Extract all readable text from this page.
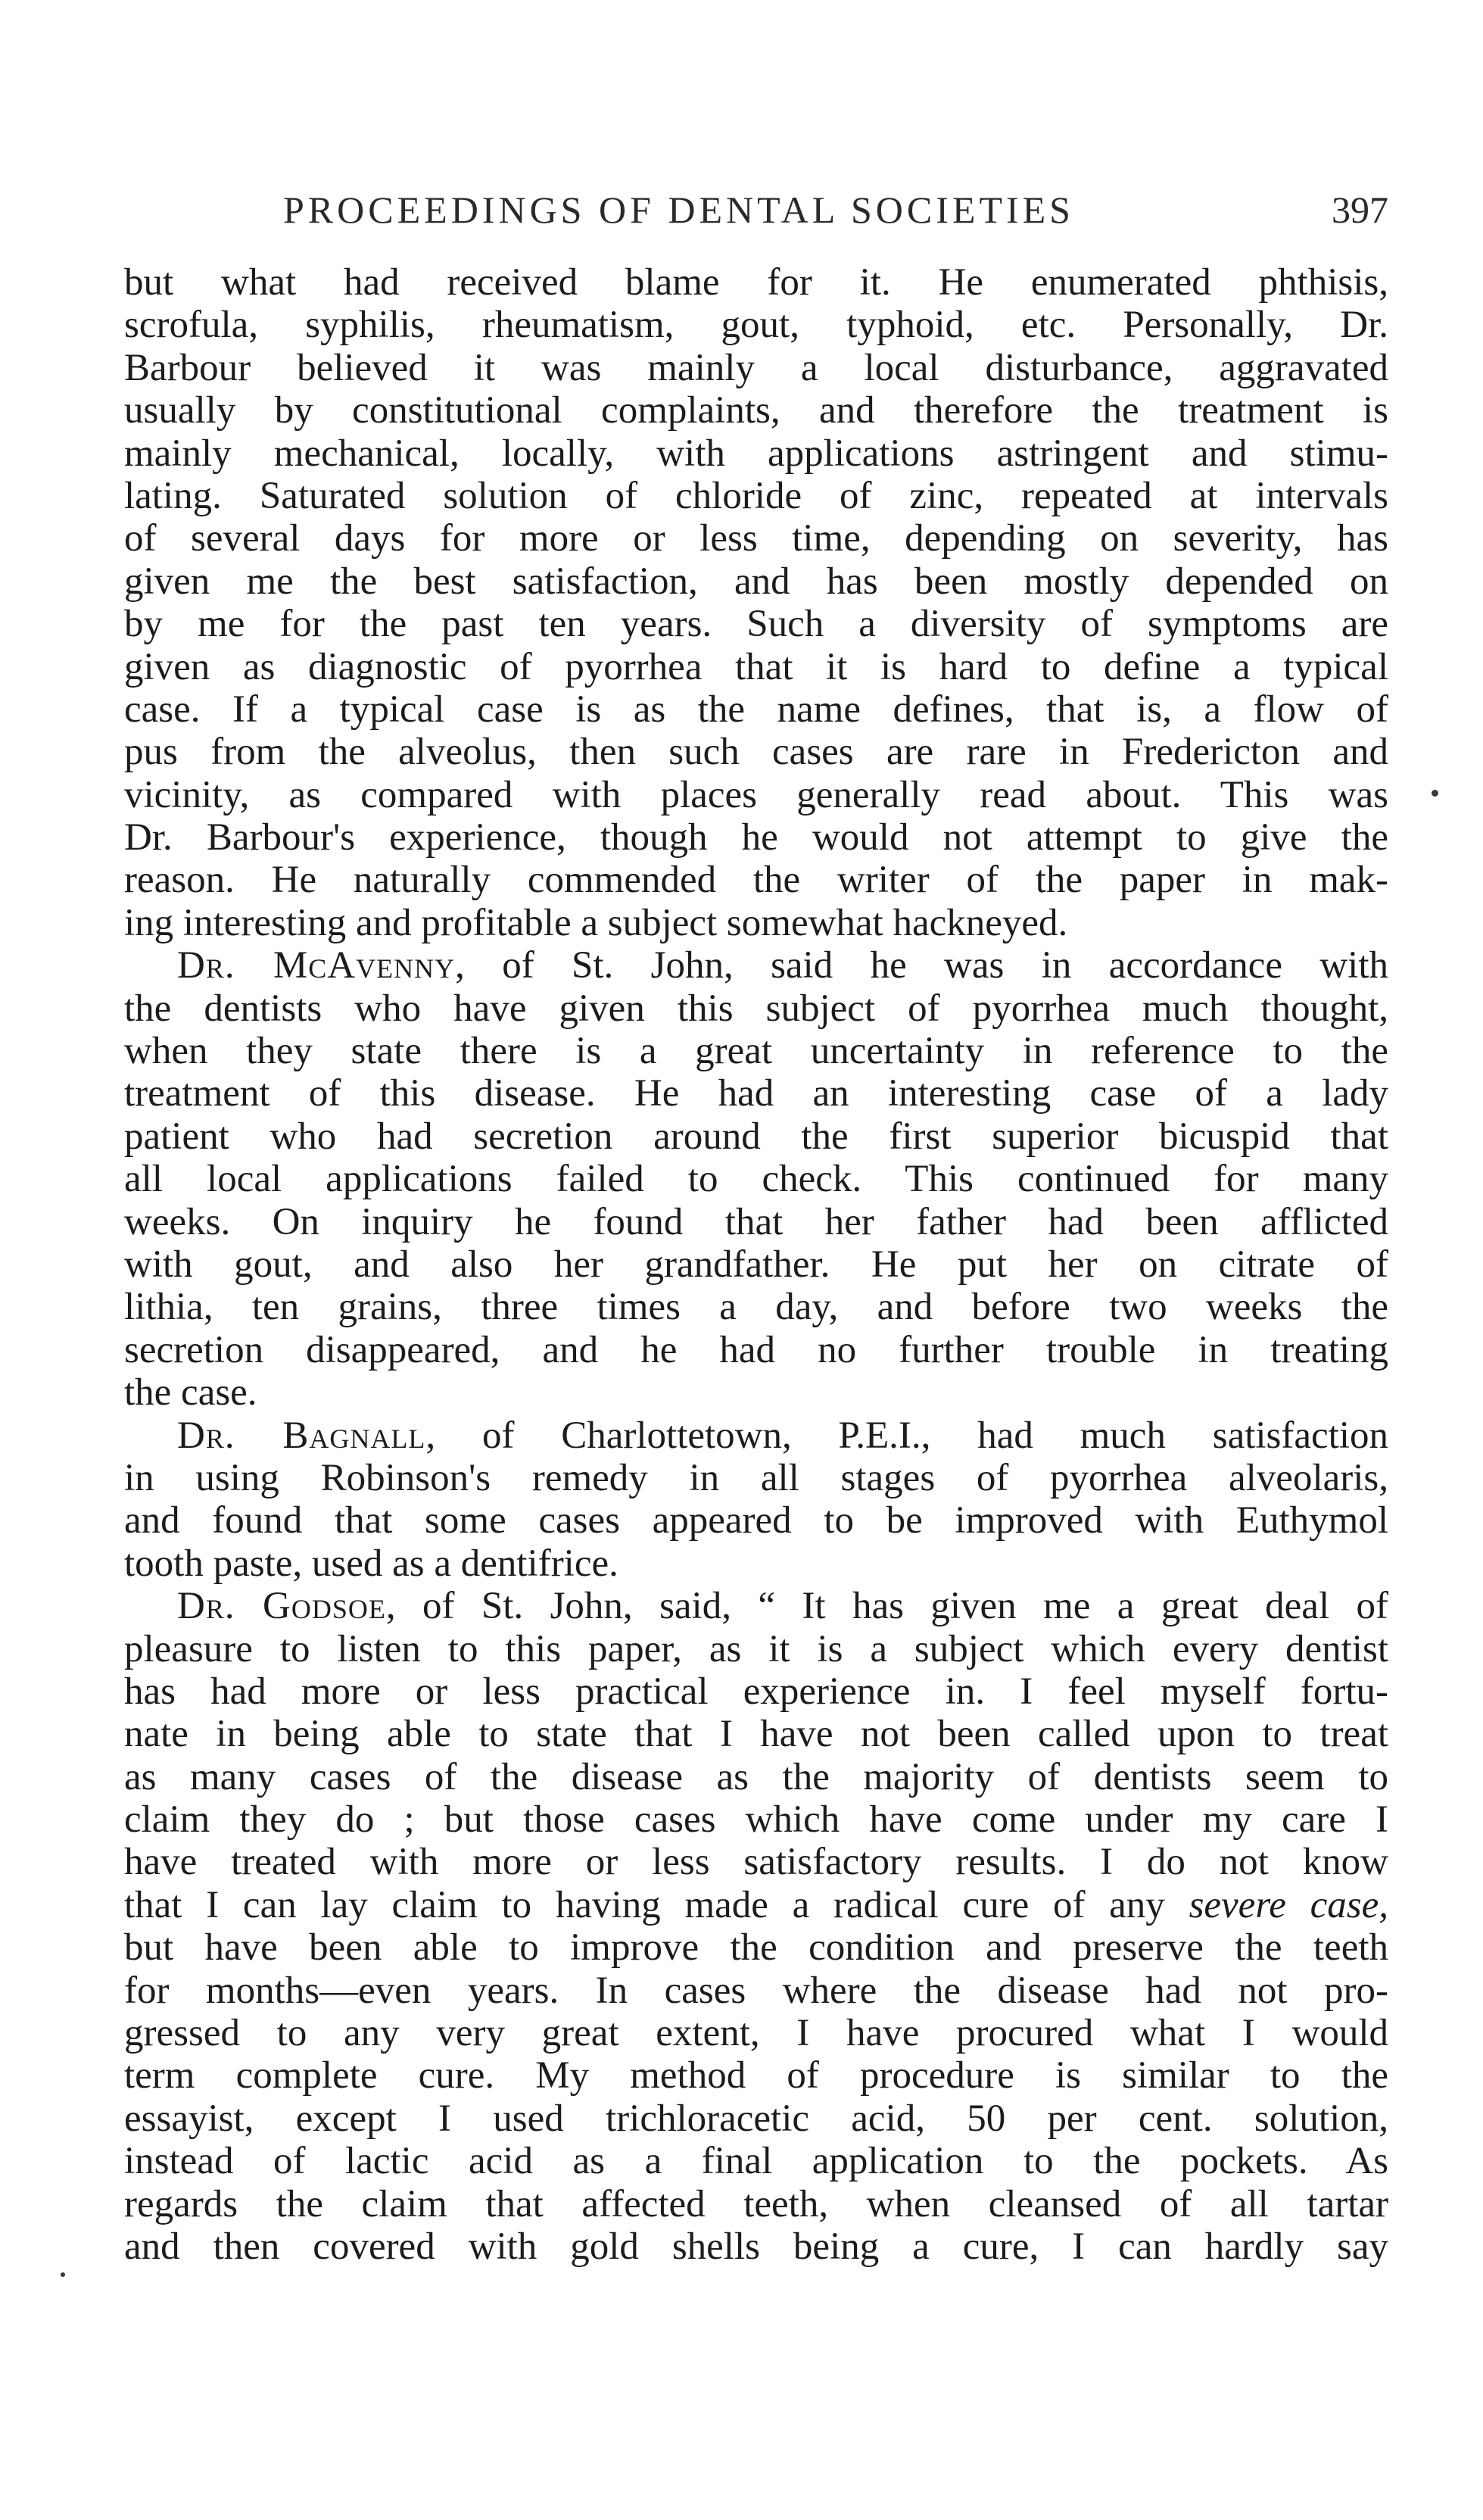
PROCEEDINGS OF DENTAL SOCIETIES	397
but what had received blame for it. He enumerated phthisis,
scrofula, syphilis, rheumatism, gout, typhoid, etc. Personally, Dr.
Barbour believed it was mainly a local disturbance, aggravated
usually by constitutional complaints, and therefore the treatment is
mainly mechanical, locally, with applications astringent and stimu-
lating. Saturated solution of chloride of zinc, repeated at intervals
of several days for more or less time, depending on severity, has
given me the best satisfaction, and has been mostly depended on
by me for the past ten years. Such a diversity of symptoms are
given as diagnostic of pyorrhea that it is hard to define a typical
case. If a typical case is as the name defines, that is, a flow of
pus from the alveolus, then such cases are rare in Fredericton and
vicinity, as compared with places generally read about. This was
Dr. Barbour's experience, though he would not attempt to give the
reason. He naturally commended the writer of the paper in mak-
ing interesting and profitable a subject somewhat hackneyed.
Dr. McAvenny, of St. John, said he was in accordance with
the dentists who have given this subject of pyorrhea much thought,
when they state there is a great uncertainty in reference to the
treatment of this disease. He had an interesting case of a lady
patient who had secretion around the first superior bicuspid that
all local applications failed to check. This continued for many
weeks. On inquiry he found that her father had been afflicted
with gout, and also her grandfather. He put her on citrate of
lithia, ten grains, three times a day, and before two weeks the
secretion disappeared, and he had no further trouble in treating
the case.
Dr. Bagnall, of Charlottetown, P.E.I., had much satisfaction
in using Robinson's remedy in all stages of pyorrhea alveolaris,
and found that some cases appeared to be improved with Euthymol
tooth paste, used as a dentifrice.
Dr. Godsoe, of St. John, said, “ It has given me a great deal of
pleasure to listen to this paper, as it is a subject which every dentist
has had more or less practical experience in. I feel myself fortu-
nate in being able to state that I have not been called upon to treat
as many cases of the disease as the majority of dentists seem to
claim they do ; but those cases which have come under my care I
have treated with more or less satisfactory results. I do not know
that I can lay claim to having made a radical cure of any severe case,
but have been able to improve the condition and preserve the teeth
for months—even years. In cases where the disease had not pro-
gressed to any very great extent, I have procured what I would
term complete cure. My method of procedure is similar to the
essayist, except I used trichloracetic acid, 50 per cent. solution,
instead of lactic acid as a final application to the pockets. As
regards the claim that affected teeth, when cleansed of all tartar
and then covered with gold shells being a cure, I can hardly say
